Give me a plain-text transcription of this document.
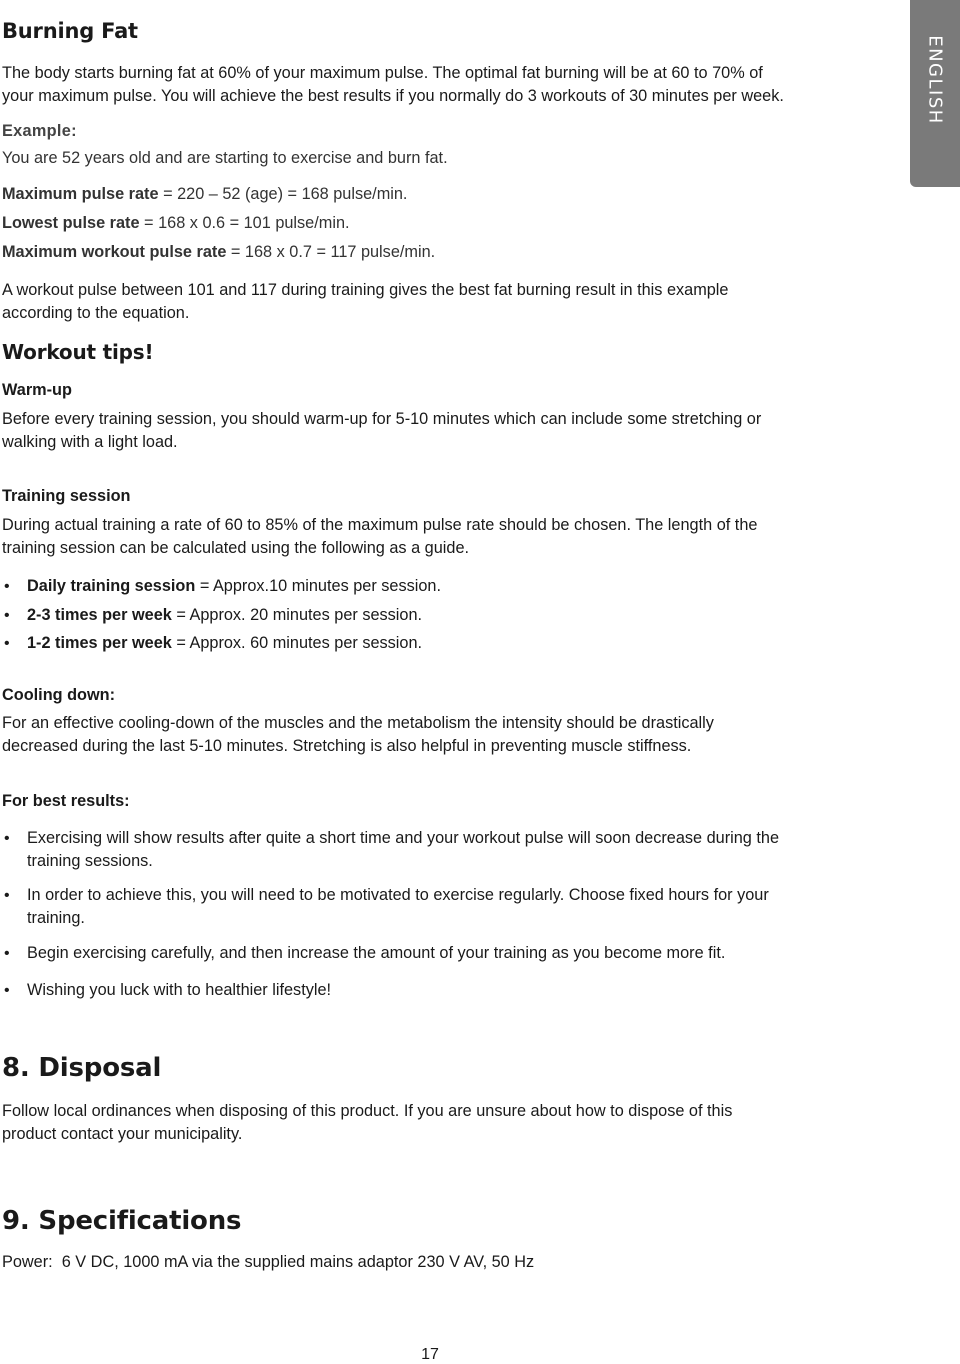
ENGLISH
Burning Fat

The body starts burning fat at 60% of your maximum pulse. The optimal fat burning will be at 60 to 70% of

your maximum pulse. You will achieve the best results if you normally do 3 workouts of 30 minutes per week.

Example:

You are 52 years old and are starting to exercise and burn fat.

Maximum pulse rate = 220 – 52 (age) = 168 pulse/min.

Lowest pulse rate = 168 x 0.6 = 101 pulse/min.

Maximum workout pulse rate = 168 x 0.7 = 117 pulse/min.

A workout pulse between 101 and 117 during training gives the best fat burning result in this example

according to the equation.

Workout tips!

Warm-up

Before every training session, you should warm-up for 5-10 minutes which can include some stretching or

walking with a light load.

Training session

During actual training a rate of 60 to 85% of the maximum pulse rate should be chosen. The length of the

training session can be calculated using the following as a guide.

• Daily training session = Approx.10 minutes per session.
• 2-3 times per week = Approx. 20 minutes per session.
• 1-2 times per week = Approx. 60 minutes per session.

Cooling down:

For an effective cooling-down of the muscles and the metabolism the intensity should be drastically

decreased during the last 5-10 minutes. Stretching is also helpful in preventing muscle stiffness.

For best results:

• Exercising will show results after quite a short time and your workout pulse will soon decrease during the
training sessions.
• In order to achieve this, you will need to be motivated to exercise regularly. Choose fixed hours for your
training.
• Begin exercising carefully, and then increase the amount of your training as you become more fit.
• Wishing you luck with to healthier lifestyle!
8. Disposal

Follow local ordinances when disposing of this product. If you are unsure about how to dispose of this

product contact your municipality.

9. Specifications

Power:  6 V DC, 1000 mA via the supplied mains adaptor 230 V AV, 50 Hz

17
